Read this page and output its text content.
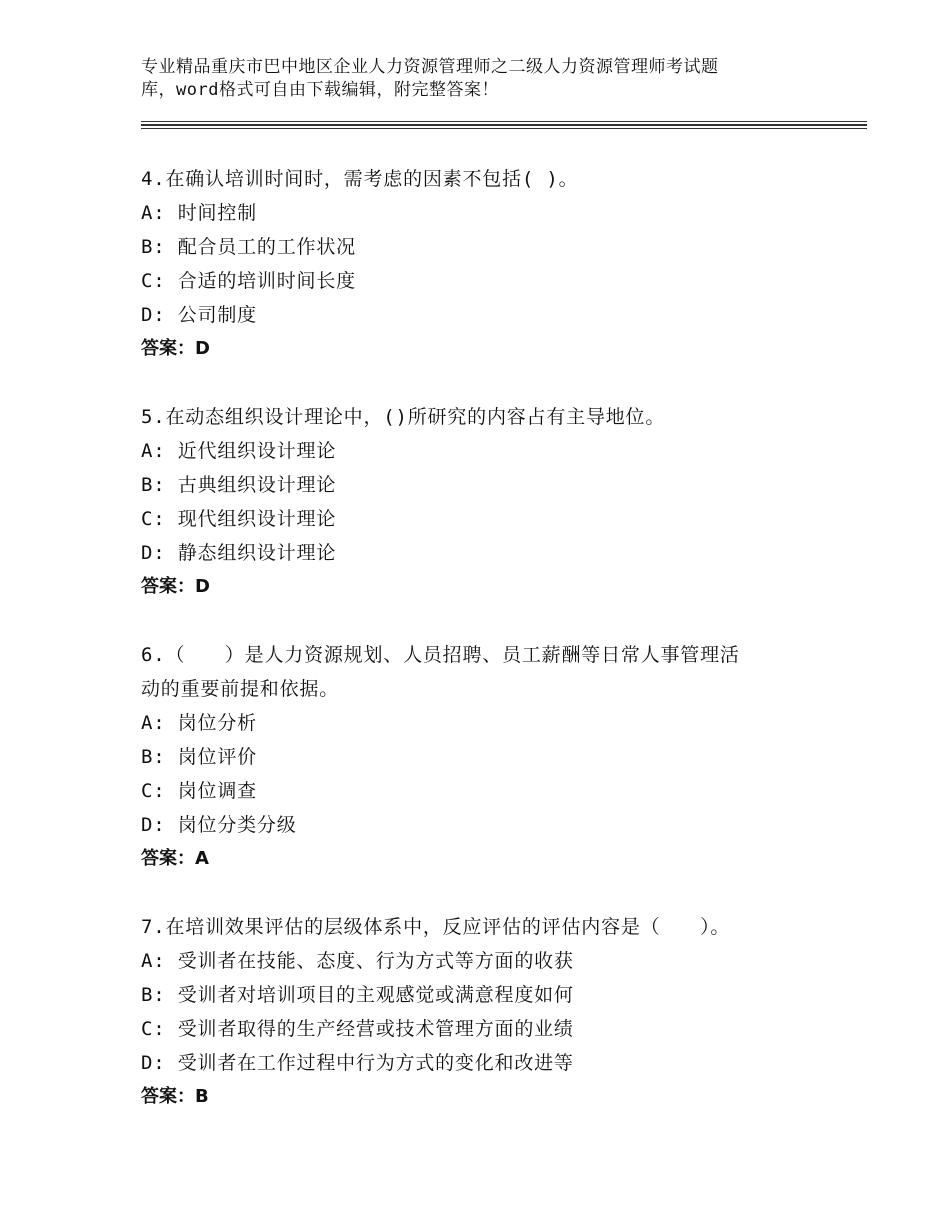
专业精品重庆市巴中地区企业人力资源管理师之二级人力资源管理师考试题
库，word格式可自由下载编辑，附完整答案！
4.在确认培训时间时，需考虑的因素不包括( )。
A: 时间控制
B: 配合员工的工作状况
C: 合适的培训时间长度
D: 公司制度
答案：D
5.在动态组织设计理论中，()所研究的内容占有主导地位。
A: 近代组织设计理论
B: 古典组织设计理论
C: 现代组织设计理论
D: 静态组织设计理论
答案：D
6.（　　）是人力资源规划、人员招聘、员工薪酬等日常人事管理活
动的重要前提和依据。
A: 岗位分析
B: 岗位评价
C: 岗位调查
D: 岗位分类分级
答案：A
7.在培训效果评估的层级体系中，反应评估的评估内容是（　　）。
A: 受训者在技能、态度、行为方式等方面的收获
B: 受训者对培训项目的主观感觉或满意程度如何
C: 受训者取得的生产经营或技术管理方面的业绩
D: 受训者在工作过程中行为方式的变化和改进等
答案：B
